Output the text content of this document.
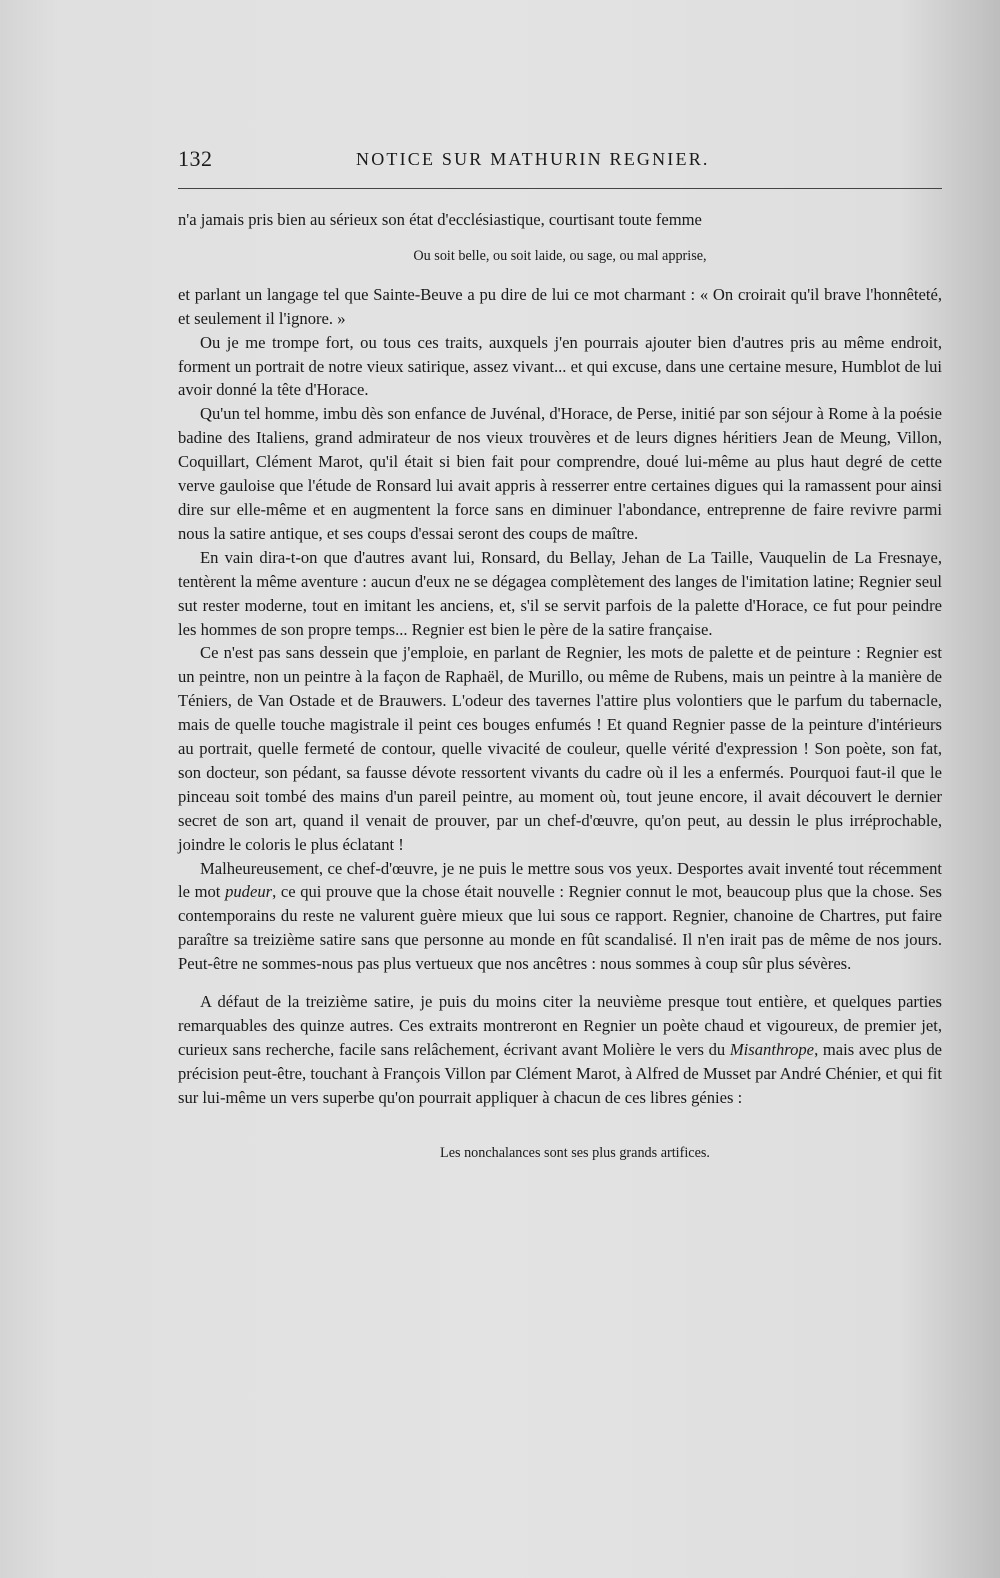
132	NOTICE SUR MATHURIN REGNIER.

n'a jamais pris bien au sérieux son état d'ecclésiastique, courtisant toute femme

Ou soit belle, ou soit laide, ou sage, ou mal apprise,

et parlant un langage tel que Sainte-Beuve a pu dire de lui ce mot charmant : « On croirait qu'il brave l'honnêteté, et seulement il l'ignore. »

Ou je me trompe fort, ou tous ces traits, auxquels j'en pourrais ajouter bien d'autres pris au même endroit, forment un portrait de notre vieux satirique, assez vivant... et qui excuse, dans une certaine mesure, Humblot de lui avoir donné la tête d'Horace.

Qu'un tel homme, imbu dès son enfance de Juvénal, d'Horace, de Perse, initié par son séjour à Rome à la poésie badine des Italiens, grand admirateur de nos vieux trouvères et de leurs dignes héritiers Jean de Meung, Villon, Coquillart, Clément Marot, qu'il était si bien fait pour comprendre, doué lui-même au plus haut degré de cette verve gauloise que l'étude de Ronsard lui avait appris à resserrer entre certaines digues qui la ramassent pour ainsi dire sur elle-même et en augmentent la force sans en diminuer l'abondance, entreprenne de faire revivre parmi nous la satire antique, et ses coups d'essai seront des coups de maître.

En vain dira-t-on que d'autres avant lui, Ronsard, du Bellay, Jehan de La Taille, Vauquelin de La Fresnaye, tentèrent la même aventure : aucun d'eux ne se dégagea complètement des langes de l'imitation latine; Regnier seul sut rester moderne, tout en imitant les anciens, et, s'il se servit parfois de la palette d'Horace, ce fut pour peindre les hommes de son propre temps... Regnier est bien le père de la satire française.

Ce n'est pas sans dessein que j'emploie, en parlant de Regnier, les mots de palette et de peinture : Regnier est un peintre, non un peintre à la façon de Raphaël, de Murillo, ou même de Rubens, mais un peintre à la manière de Téniers, de Van Ostade et de Brauwers. L'odeur des tavernes l'attire plus volontiers que le parfum du tabernacle, mais de quelle touche magistrale il peint ces bouges enfumés ! Et quand Regnier passe de la peinture d'intérieurs au portrait, quelle fermeté de contour, quelle vivacité de couleur, quelle vérité d'expression ! Son poète, son fat, son docteur, son pédant, sa fausse dévote ressortent vivants du cadre où il les a enfermés. Pourquoi faut-il que le pinceau soit tombé des mains d'un pareil peintre, au moment où, tout jeune encore, il avait découvert le dernier secret de son art, quand il venait de prouver, par un chef-d'œuvre, qu'on peut, au dessin le plus irréprochable, joindre le coloris le plus éclatant !

Malheureusement, ce chef-d'œuvre, je ne puis le mettre sous vos yeux. Desportes avait inventé tout récemment le mot pudeur, ce qui prouve que la chose était nouvelle : Regnier connut le mot, beaucoup plus que la chose. Ses contemporains du reste ne valurent guère mieux que lui sous ce rapport. Regnier, chanoine de Chartres, put faire paraître sa treizième satire sans que personne au monde en fût scandalisé. Il n'en irait pas de même de nos jours. Peut-être ne sommes-nous pas plus vertueux que nos ancêtres : nous sommes à coup sûr plus sévères.

A défaut de la treizième satire, je puis du moins citer la neuvième presque tout entière, et quelques parties remarquables des quinze autres. Ces extraits montreront en Regnier un poète chaud et vigoureux, de premier jet, curieux sans recherche, facile sans relâchement, écrivant avant Molière le vers du Misanthrope, mais avec plus de précision peut-être, touchant à François Villon par Clément Marot, à Alfred de Musset par André Chénier, et qui fit sur lui-même un vers superbe qu'on pourrait appliquer à chacun de ces libres génies :

Les nonchalances sont ses plus grands artifices.
